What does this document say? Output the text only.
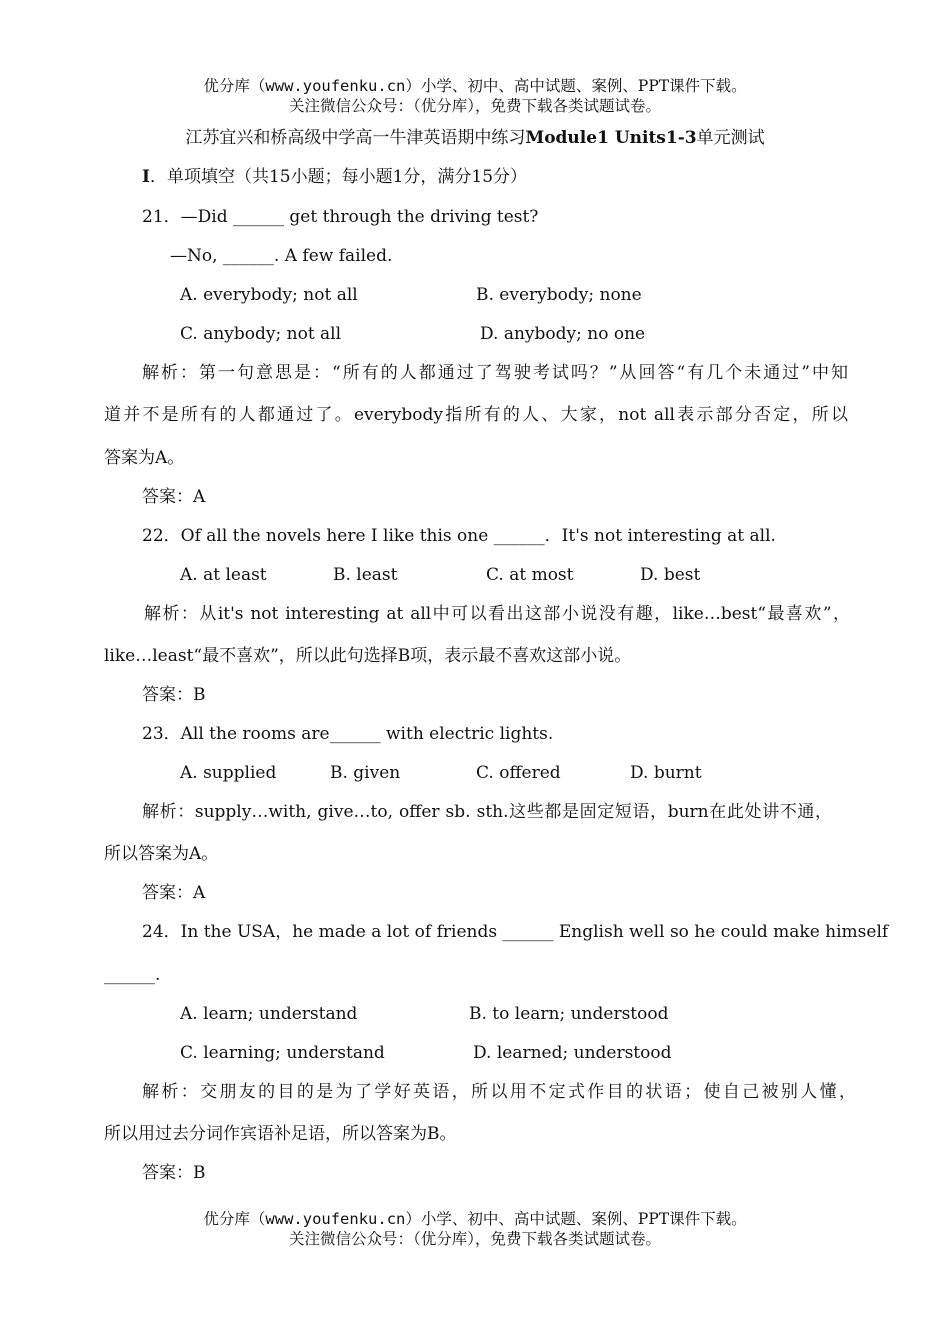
优分库（www.youfenku.cn）小学、初中、高中试题、案例、PPT课件下载。
关注微信公众号：（优分库），免费下载各类试题试卷。
江苏宜兴和桥高级中学高一牛津英语期中练习Module1 Units1-3单元测试
I．单项填空（共15小题；每小题1分，满分15分）
21．—Did ______ get through the driving test?
—No, ______. A few failed.
A. everybody; not all	B. everybody; none
C. anybody; not all	D. anybody; no one
解析：第一句意思是：“所有的人都通过了驾驶考试吗？”从回答“有几个未通过”中知
道并不是所有的人都通过了。everybody指所有的人、大家，not all表示部分否定，所以
答案为A。
答案：A
22．Of all the novels here I like this one ______．It's not interesting at all.
A. at least	B. least	C. at most	D. best
解析：从it's not interesting at all中可以看出这部小说没有趣，like…best“最喜欢”，
like…least“最不喜欢”，所以此句选择B项，表示最不喜欢这部小说。
答案：B
23．All the rooms are______ with electric lights.
A. supplied	B. given	C. offered	D. burnt
解析：supply…with, give…to, offer sb. sth.这些都是固定短语，burn在此处讲不通，
所以答案为A。
答案：A
24．In the USA，he made a lot of friends ______ English well so he could make himself
______.
A. learn; understand	B. to learn; understood
C. learning; understand	D. learned; understood
解析：交朋友的目的是为了学好英语，所以用不定式作目的状语；使自己被别人懂，
所以用过去分词作宾语补足语，所以答案为B。
答案：B
优分库（www.youfenku.cn）小学、初中、高中试题、案例、PPT课件下载。
关注微信公众号：（优分库），免费下载各类试题试卷。
